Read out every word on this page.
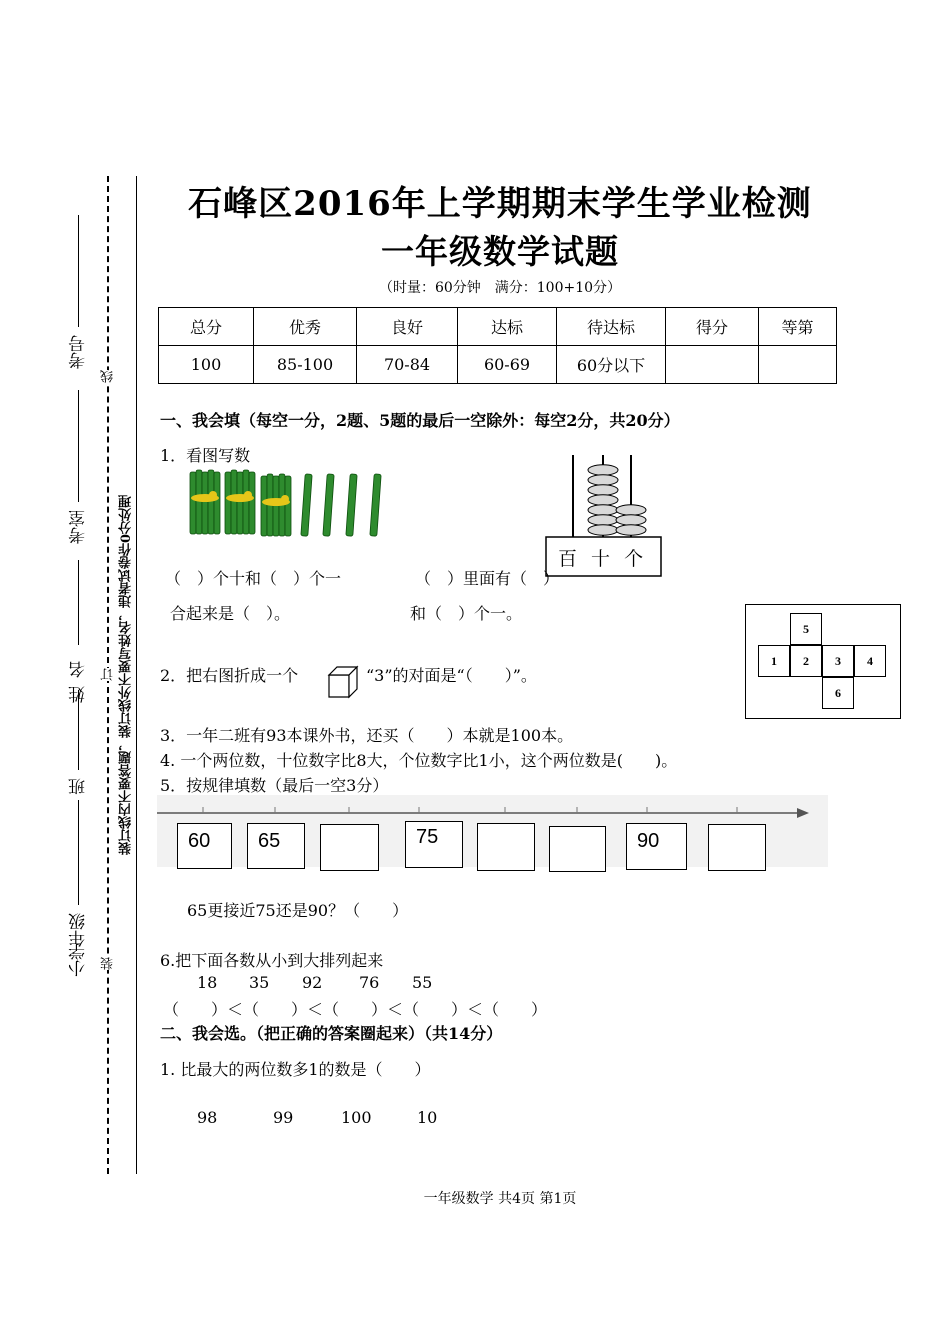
装订线内不要答题，装订线外不要写姓名，违者试卷作0分处理
线
订
装
考号
考室
姓名
班
年级
小学
石峰区2016年上学期期末学生学业检测
一年级数学试题
（时量：60分钟　满分：100+10分）
总分	优秀	良好	达标	待达标	得分	等第
100	85-100	70-84	60-69	60分以下		
一、我会填（每空一分，2题、5题的最后一空除外：每空2分，共20分）
1．看图写数
百 十 个
（　）个十和（　）个一
合起来是（　）。
（　）里面有（　）
和（　）个一。
5
1	2	3	4
6
2．把右图折成一个	“3”的对面是“（　　）”。
3．一年二班有93本课外书，还买（　　）本就是100本。
4. 一个两位数，十位数字比8大，个位数字比1小，这个两位数是(　　)。
5．按规律填数（最后一空3分）
60	65	75	90
65更接近75还是90？（　　）
6.把下面各数从小到大排列起来
18 35 92 76 55
（　　）＜（　　）＜（　　）＜（　　）＜（　　）
二、我会选。（把正确的答案圈起来）（共14分）
1. 比最大的两位数多1的数是（　　）
98	99	100	10
一年级数学 共4页 第1页
